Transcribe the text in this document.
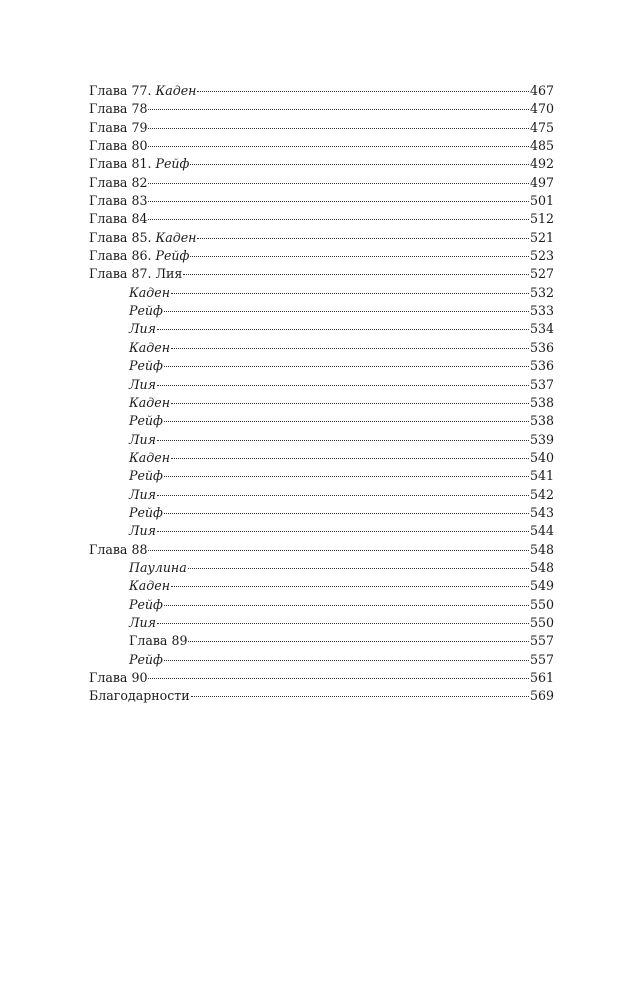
Глава 77. Каден	467
Глава 78	470
Глава 79	475
Глава 80	485
Глава 81. Рейф	492
Глава 82	497
Глава 83	501
Глава 84	512
Глава 85. Каден	521
Глава 86. Рейф	523
Глава 87. Лия	527
Каден	532
Рейф	533
Лия	534
Каден	536
Рейф	536
Лия	537
Каден	538
Рейф	538
Лия	539
Каден	540
Рейф	541
Лия	542
Рейф	543
Лия	544
Глава 88	548
Паулина	548
Каден	549
Рейф	550
Лия	550
Глава 89	557
Рейф	557
Глава 90	561
Благодарности	569
